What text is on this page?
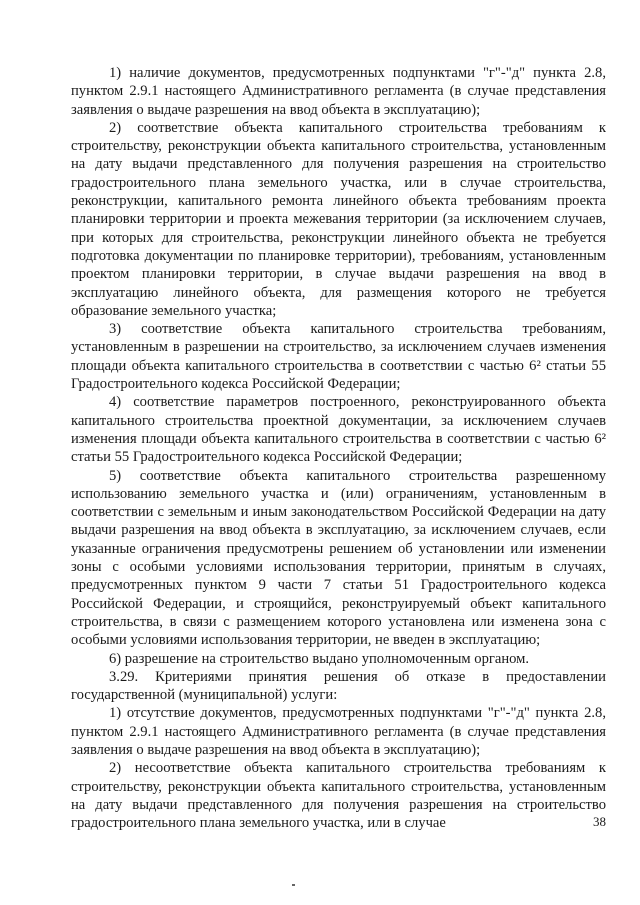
1) наличие документов, предусмотренных подпунктами "г"-"д" пункта 2.8, пунктом 2.9.1 настоящего Административного регламента (в случае представления заявления о выдаче разрешения на ввод объекта в эксплуатацию);

2) соответствие объекта капитального строительства требованиям к строительству, реконструкции объекта капитального строительства, установленным на дату выдачи представленного для получения разрешения на строительство градостроительного плана земельного участка, или в случае строительства, реконструкции, капитального ремонта линейного объекта требованиям проекта планировки территории и проекта межевания территории (за исключением случаев, при которых для строительства, реконструкции линейного объекта не требуется подготовка документации по планировке территории), требованиям, установленным проектом планировки территории, в случае выдачи разрешения на ввод в эксплуатацию линейного объекта, для размещения которого не требуется образование земельного участка;

3) соответствие объекта капитального строительства требованиям, установленным в разрешении на строительство, за исключением случаев изменения площади объекта капитального строительства в соответствии с частью 6² статьи 55 Градостроительного кодекса Российской Федерации;

4) соответствие параметров построенного, реконструированного объекта капитального строительства проектной документации, за исключением случаев изменения площади объекта капитального строительства в соответствии с частью 6² статьи 55 Градостроительного кодекса Российской Федерации;

5) соответствие объекта капитального строительства разрешенному использованию земельного участка и (или) ограничениям, установленным в соответствии с земельным и иным законодательством Российской Федерации на дату выдачи разрешения на ввод объекта в эксплуатацию, за исключением случаев, если указанные ограничения предусмотрены решением об установлении или изменении зоны с особыми условиями использования территории, принятым в случаях, предусмотренных пунктом 9 части 7 статьи 51 Градостроительного кодекса Российской Федерации, и строящийся, реконструируемый объект капитального строительства, в связи с размещением которого установлена или изменена зона с особыми условиями использования территории, не введен в эксплуатацию;

6) разрешение на строительство выдано уполномоченным органом.

3.29. Критериями принятия решения об отказе в предоставлении государственной (муниципальной) услуги:

1) отсутствие документов, предусмотренных подпунктами "г"-"д" пункта 2.8, пунктом 2.9.1 настоящего Административного регламента (в случае представления заявления о выдаче разрешения на ввод объекта в эксплуатацию);

2) несоответствие объекта капитального строительства требованиям к строительству, реконструкции объекта капитального строительства, установленным на дату выдачи представленного для получения разрешения на строительство градостроительного плана земельного участка, или в случае	38
